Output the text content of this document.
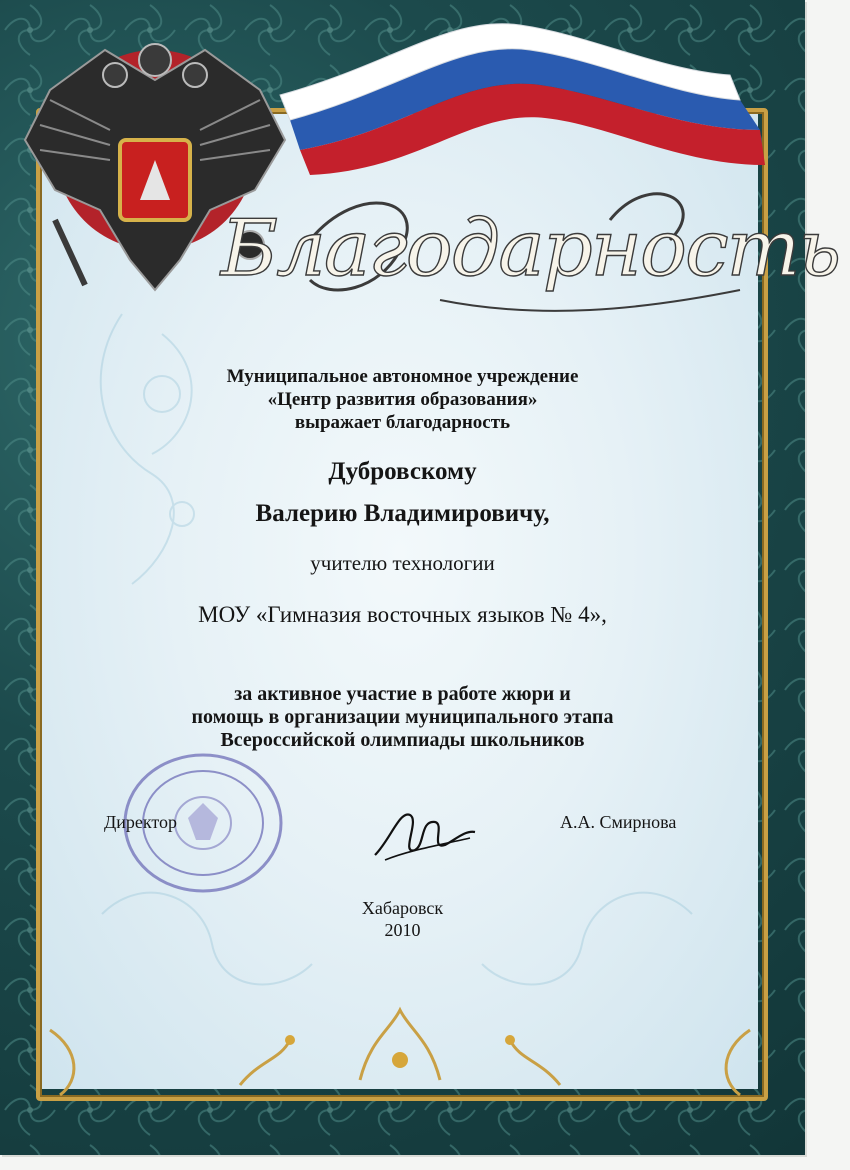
Благодарность
Муниципальное автономное учреждение
«Центр развития образования»
выражает благодарность
Дубровскому
Валерию Владимировичу,
учителю технологии
МОУ «Гимназия восточных языков № 4»,
за активное участие в работе жюри и
помощь в организации муниципального этапа
Всероссийской олимпиады школьников
Директор	А.А. Смирнова
Хабаровск
2010
